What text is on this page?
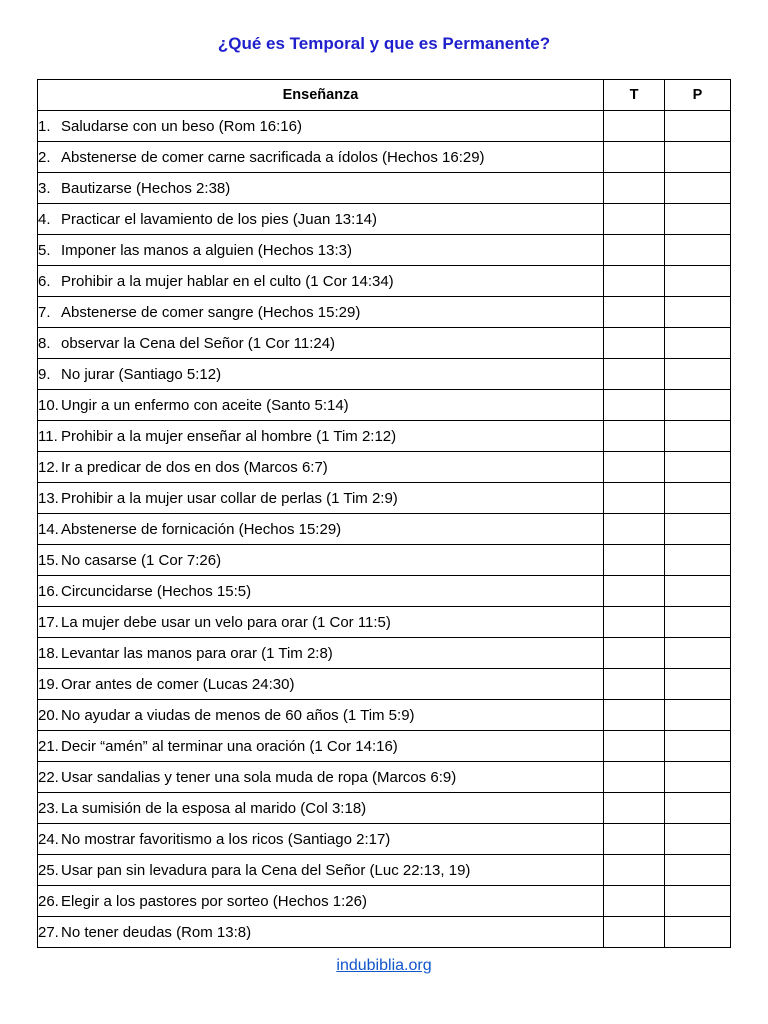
¿Qué es Temporal y que es Permanente?
Enseñanza	T	P
1. Saludarse con un beso (Rom 16:16)		
2. Abstenerse de comer carne sacrificada a ídolos (Hechos 16:29)		
3. Bautizarse (Hechos 2:38)		
4. Practicar el lavamiento de los pies (Juan 13:14)		
5. Imponer las manos a alguien (Hechos 13:3)		
6. Prohibir a la mujer hablar en el culto (1 Cor 14:34)		
7. Abstenerse de comer sangre (Hechos 15:29)		
8. observar la Cena del Señor (1 Cor 11:24)		
9. No jurar (Santiago 5:12)		
10. Ungir a un enfermo con aceite (Santo 5:14)		
11. Prohibir a la mujer enseñar al hombre (1 Tim 2:12)		
12. Ir a predicar de dos en dos (Marcos 6:7)		
13. Prohibir a la mujer usar collar de perlas (1 Tim 2:9)		
14. Abstenerse de fornicación (Hechos 15:29)		
15. No casarse (1 Cor 7:26)		
16. Circuncidarse (Hechos 15:5)		
17. La mujer debe usar un velo para orar (1 Cor 11:5)		
18. Levantar las manos para orar (1 Tim 2:8)		
19. Orar antes de comer (Lucas 24:30)		
20. No ayudar a viudas de menos de 60 años (1 Tim 5:9)		
21. Decir “amén” al terminar una oración (1 Cor 14:16)		
22. Usar sandalias y tener una sola muda de ropa (Marcos 6:9)		
23. La sumisión de la esposa al marido (Col 3:18)		
24. No mostrar favoritismo a los ricos (Santiago 2:17)		
25. Usar pan sin levadura para la Cena del Señor (Luc 22:13, 19)		
26. Elegir a los pastores por sorteo (Hechos 1:26)		
27. No tener deudas (Rom 13:8)		
indubiblia.org
